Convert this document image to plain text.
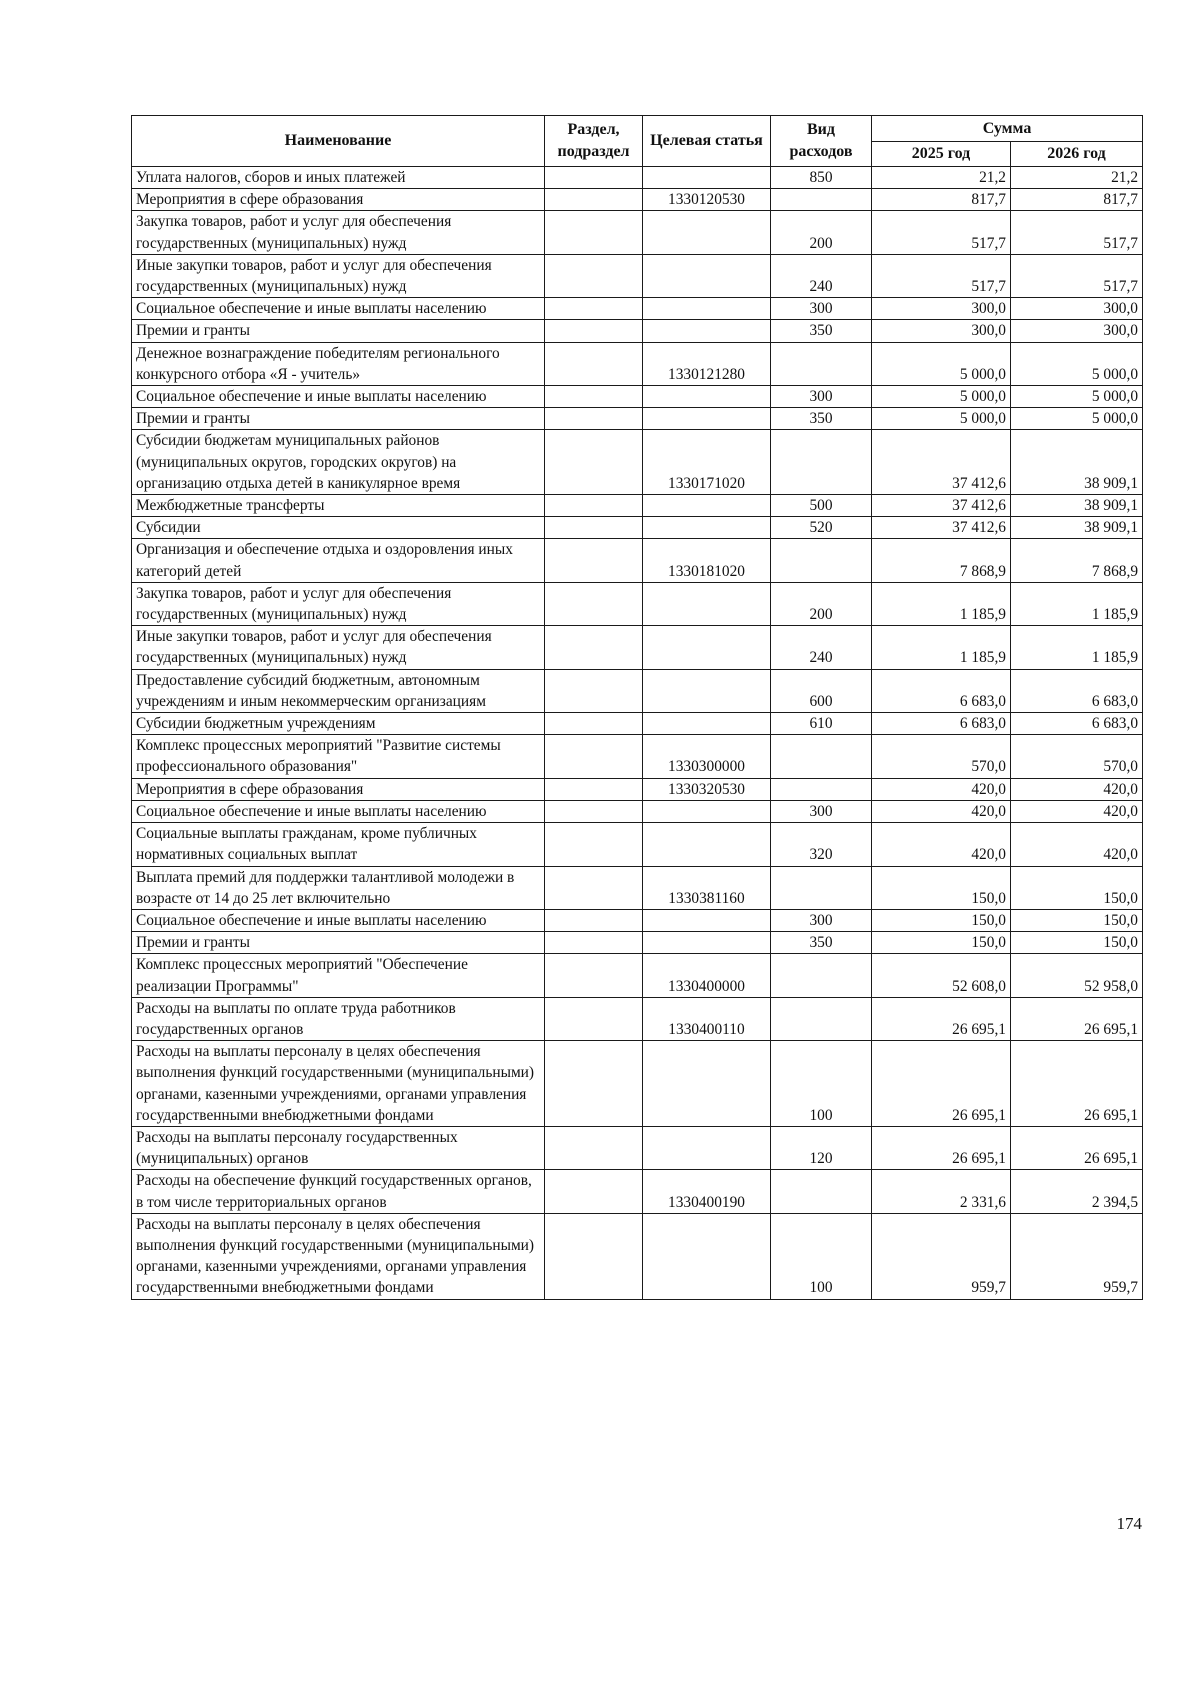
Наименование	Раздел, подраздел	Целевая статья	Вид расходов	Сумма	
				2025 год	2026 год
Уплата налогов, сборов и иных платежей			850	21,2	21,2
Мероприятия в сфере образования		1330120530		817,7	817,7
Закупка товаров, работ и услуг для обеспечения государственных (муниципальных) нужд			200	517,7	517,7
Иные закупки товаров, работ и услуг для обеспечения государственных (муниципальных) нужд			240	517,7	517,7
Социальное обеспечение и иные выплаты населению			300	300,0	300,0
Премии и гранты			350	300,0	300,0
Денежное вознаграждение победителям регионального конкурсного отбора «Я - учитель»		1330121280		5 000,0	5 000,0
Социальное обеспечение и иные выплаты населению			300	5 000,0	5 000,0
Премии и гранты			350	5 000,0	5 000,0
Субсидии бюджетам муниципальных районов (муниципальных округов, городских округов) на организацию отдыха детей в каникулярное время		1330171020		37 412,6	38 909,1
Межбюджетные трансферты			500	37 412,6	38 909,1
Субсидии			520	37 412,6	38 909,1
Организация и обеспечение отдыха и оздоровления иных категорий детей		1330181020		7 868,9	7 868,9
Закупка товаров, работ и услуг для обеспечения государственных (муниципальных) нужд			200	1 185,9	1 185,9
Иные закупки товаров, работ и услуг для обеспечения государственных (муниципальных) нужд			240	1 185,9	1 185,9
Предоставление субсидий бюджетным, автономным учреждениям и иным некоммерческим организациям			600	6 683,0	6 683,0
Субсидии бюджетным учреждениям			610	6 683,0	6 683,0
Комплекс процессных мероприятий "Развитие системы профессионального образования"		1330300000		570,0	570,0
Мероприятия в сфере образования		1330320530		420,0	420,0
Социальное обеспечение и иные выплаты населению			300	420,0	420,0
Социальные выплаты гражданам, кроме публичных нормативных социальных выплат			320	420,0	420,0
Выплата премий для поддержки талантливой молодежи в возрасте от 14 до 25 лет включительно		1330381160		150,0	150,0
Социальное обеспечение и иные выплаты населению			300	150,0	150,0
Премии и гранты			350	150,0	150,0
Комплекс процессных мероприятий "Обеспечение реализации Программы"		1330400000		52 608,0	52 958,0
Расходы на выплаты по оплате труда работников государственных органов		1330400110		26 695,1	26 695,1
Расходы на выплаты персоналу в целях обеспечения выполнения функций государственными (муниципальными) органами, казенными учреждениями, органами управления государственными внебюджетными фондами			100	26 695,1	26 695,1
Расходы на выплаты персоналу государственных (муниципальных) органов			120	26 695,1	26 695,1
Расходы на обеспечение функций государственных органов, в том числе территориальных органов		1330400190		2 331,6	2 394,5
Расходы на выплаты персоналу в целях обеспечения выполнения функций государственными (муниципальными) органами, казенными учреждениями, органами управления государственными внебюджетными фондами			100	959,7	959,7
174
